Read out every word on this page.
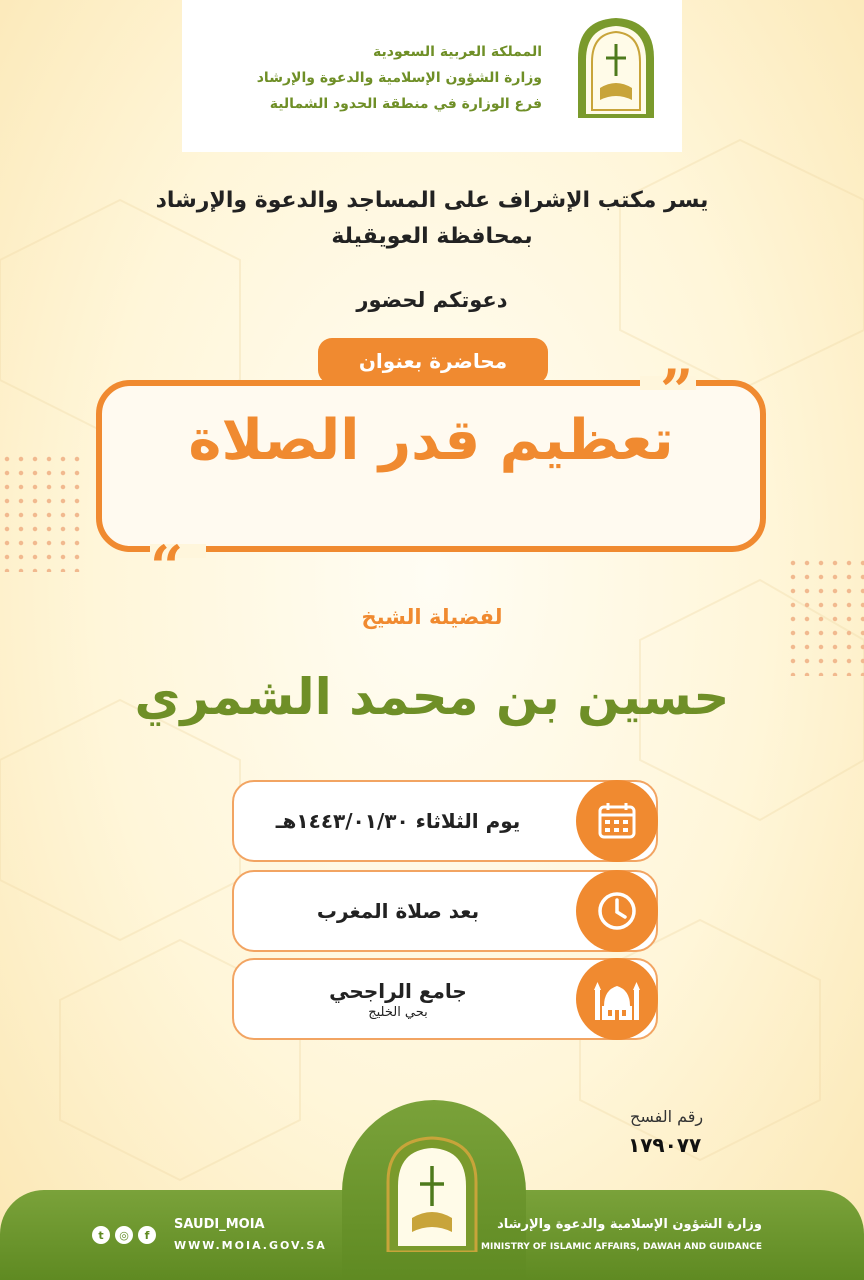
المملكة العربية السعودية
وزارة الشؤون الإسلامية والدعوة والإرشاد
فرع الوزارة في منطقة الحدود الشمالية
يسر مكتب الإشراف على المساجد والدعوة والإرشاد
بمحافظة العويقيلة
دعوتكم لحضور
محاضرة بعنوان	”
“
تعظيم قدر الصلاة
لفضيلة الشيخ
حسين بن محمد الشمري
يوم الثلاثاء ١٤٤٣/٠١/٣٠هـ
بعد صلاة المغرب
جامع الراجحي
بحي الخليج
رقم الفسح
١٧٩٠٧٧
SAUDI_MOIA
WWW.MOIA.GOV.SA
t	◎	f
وزارة الشؤون الإسلامية والدعوة والإرشاد
MINISTRY OF ISLAMIC AFFAIRS, DAWAH AND GUIDANCE
